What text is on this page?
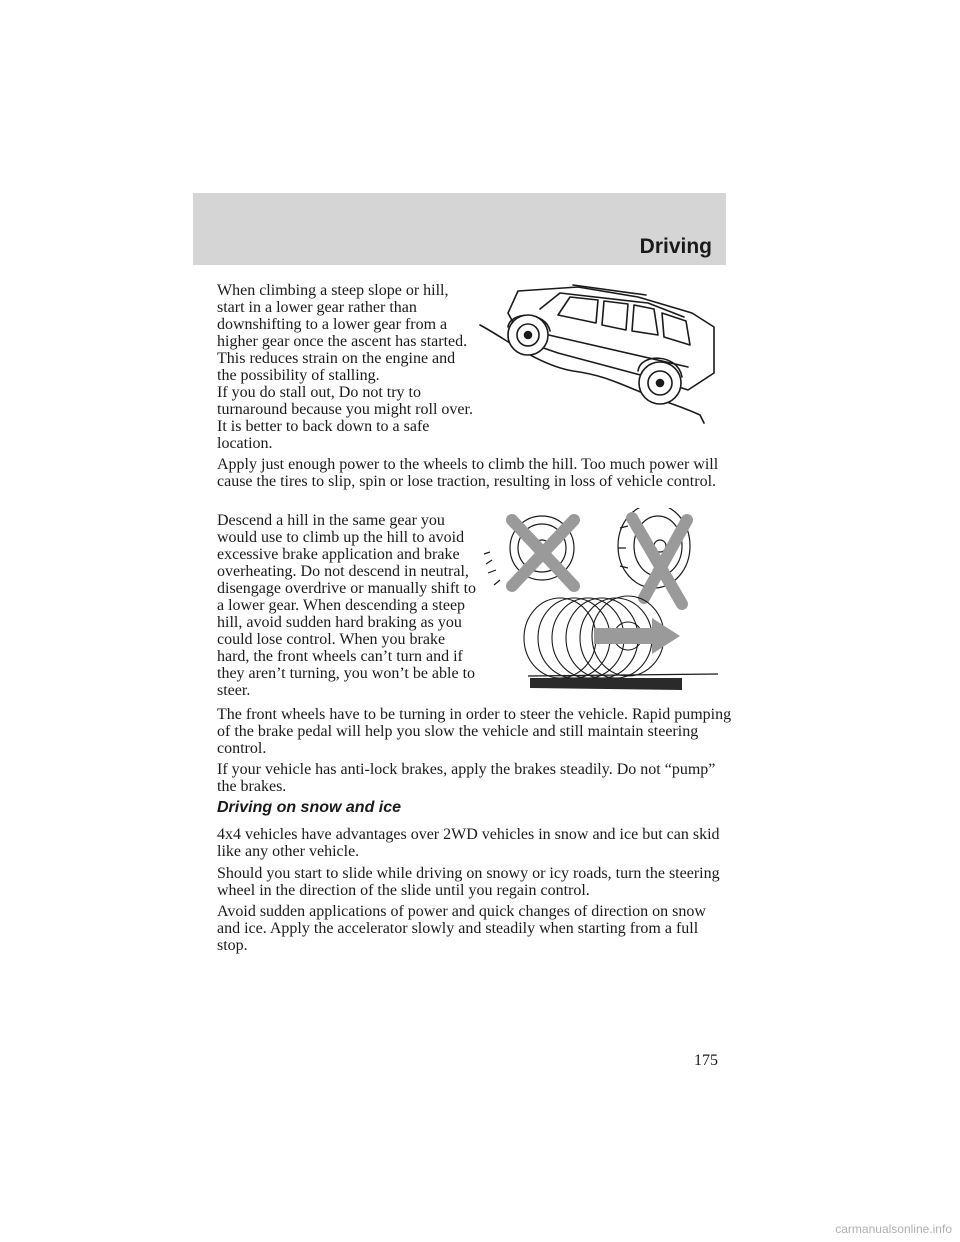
Driving

When climbing a steep slope or hill, start in a lower gear rather than downshifting to a lower gear from a higher gear once the ascent has started. This reduces strain on the engine and the possibility of stalling.

If you do stall out, Do not try to turnaround because you might roll over. It is better to back down to a safe location.

Apply just enough power to the wheels to climb the hill. Too much power will cause the tires to slip, spin or lose traction, resulting in loss of vehicle control.

Descend a hill in the same gear you would use to climb up the hill to avoid excessive brake application and brake overheating. Do not descend in neutral, disengage overdrive or manually shift to a lower gear. When descending a steep hill, avoid sudden hard braking as you could lose control. When you brake hard, the front wheels can’t turn and if they aren’t turning, you won’t be able to steer.

The front wheels have to be turning in order to steer the vehicle. Rapid pumping of the brake pedal will help you slow the vehicle and still maintain steering control.

If your vehicle has anti-lock brakes, apply the brakes steadily. Do not “pump” the brakes.

Driving on snow and ice

4x4 vehicles have advantages over 2WD vehicles in snow and ice but can skid like any other vehicle.

Should you start to slide while driving on snowy or icy roads, turn the steering wheel in the direction of the slide until you regain control.

Avoid sudden applications of power and quick changes of direction on snow and ice. Apply the accelerator slowly and steadily when starting from a full stop.

175
carmanualsonline.info
